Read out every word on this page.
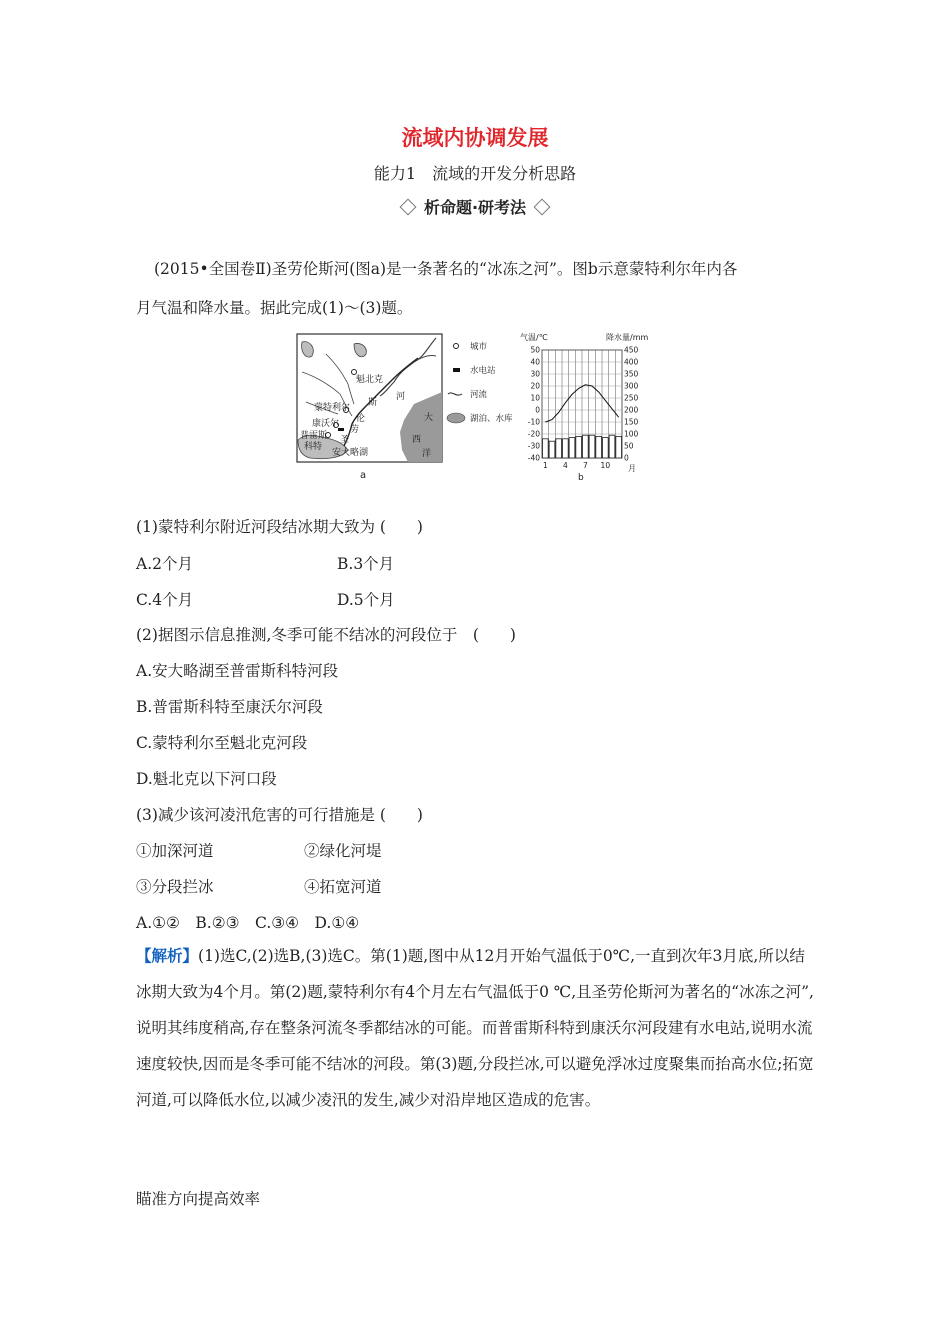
流域内协调发展
能力1　流域的开发分析思路
析命题·研考法
(2015•全国卷Ⅱ)圣劳伦斯河(图a)是一条著名的“冰冻之河”。图b示意蒙特利尔年内各
月气温和降水量。据此完成(1)～(3)题。
魁北克
斯
河
蒙特利尔
伦
康沃尔
劳
普雷斯 圣
科特
安大略湖
大
西
洋
a
城市
水电站
河流
湖泊、水库
气温/℃	降水量/mm
50
40
30
20
10
0
-10
-20
-30
-40
450
400
350
300
250
200
150
100
50
0
1 4 7 10 月
b
(1)蒙特利尔附近河段结冰期大致为 (　　)
A.2个月	B.3个月
C.4个月	D.5个月
(2)据图示信息推测,冬季可能不结冰的河段位于　(　　)
A.安大略湖至普雷斯科特河段
B.普雷斯科特至康沃尔河段
C.蒙特利尔至魁北克河段
D.魁北克以下河口段
(3)减少该河凌汛危害的可行措施是 (　　)
①加深河道	②绿化河堤
③分段拦冰	④拓宽河道
A.①②　B.②③　C.③④　D.①④
【解析】(1)选C,(2)选B,(3)选C。第(1)题,图中从12月开始气温低于0℃,一直到次年3月底,所以结冰期大致为4个月。第(2)题,蒙特利尔有4个月左右气温低于0 ℃,且圣劳伦斯河为著名的“冰冻之河”,说明其纬度稍高,存在整条河流冬季都结冰的可能。而普雷斯科特到康沃尔河段建有水电站,说明水流速度较快,因而是冬季可能不结冰的河段。第(3)题,分段拦冰,可以避免浮冰过度聚集而抬高水位;拓宽河道,可以降低水位,以减少凌汛的发生,减少对沿岸地区造成的危害。
瞄准方向提高效率
